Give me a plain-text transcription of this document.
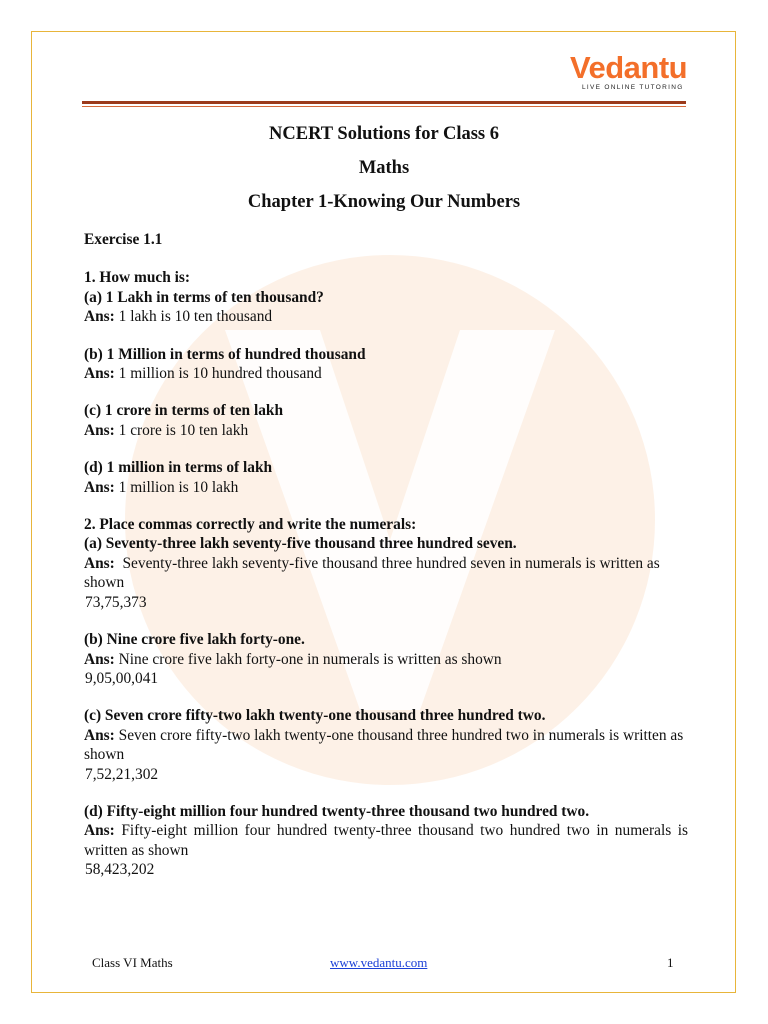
Vedantu
LIVE ONLINE TUTORING
NCERT Solutions for Class 6
Maths
Chapter 1-Knowing Our Numbers

Exercise 1.1

1. How much is:

(a) 1 Lakh in terms of ten thousand?

Ans: 1 lakh is 10 ten thousand

(b) 1 Million in terms of hundred thousand

Ans: 1 million is 10 hundred thousand

(c) 1 crore in terms of ten lakh

Ans: 1 crore is 10 ten lakh

(d) 1 million in terms of lakh

Ans: 1 million is 10 lakh

2. Place commas correctly and write the numerals:

(a) Seventy-three lakh seventy-five thousand three hundred seven.

Ans: Seventy-three lakh seventy-five thousand three hundred seven in numerals is written as shown

73,75,373

(b) Nine crore five lakh forty-one.

Ans: Nine crore five lakh forty-one in numerals is written as shown

9,05,00,041

(c) Seven crore fifty-two lakh twenty-one thousand three hundred two.

Ans: Seven crore fifty-two lakh twenty-one thousand three hundred two in numerals is written as shown

7,52,21,302

(d) Fifty-eight million four hundred twenty-three thousand two hundred two.

Ans: Fifty-eight million four hundred twenty-three thousand two hundred two in numerals is written as shown

58,423,202

Class VI Maths	www.vedantu.com	1
